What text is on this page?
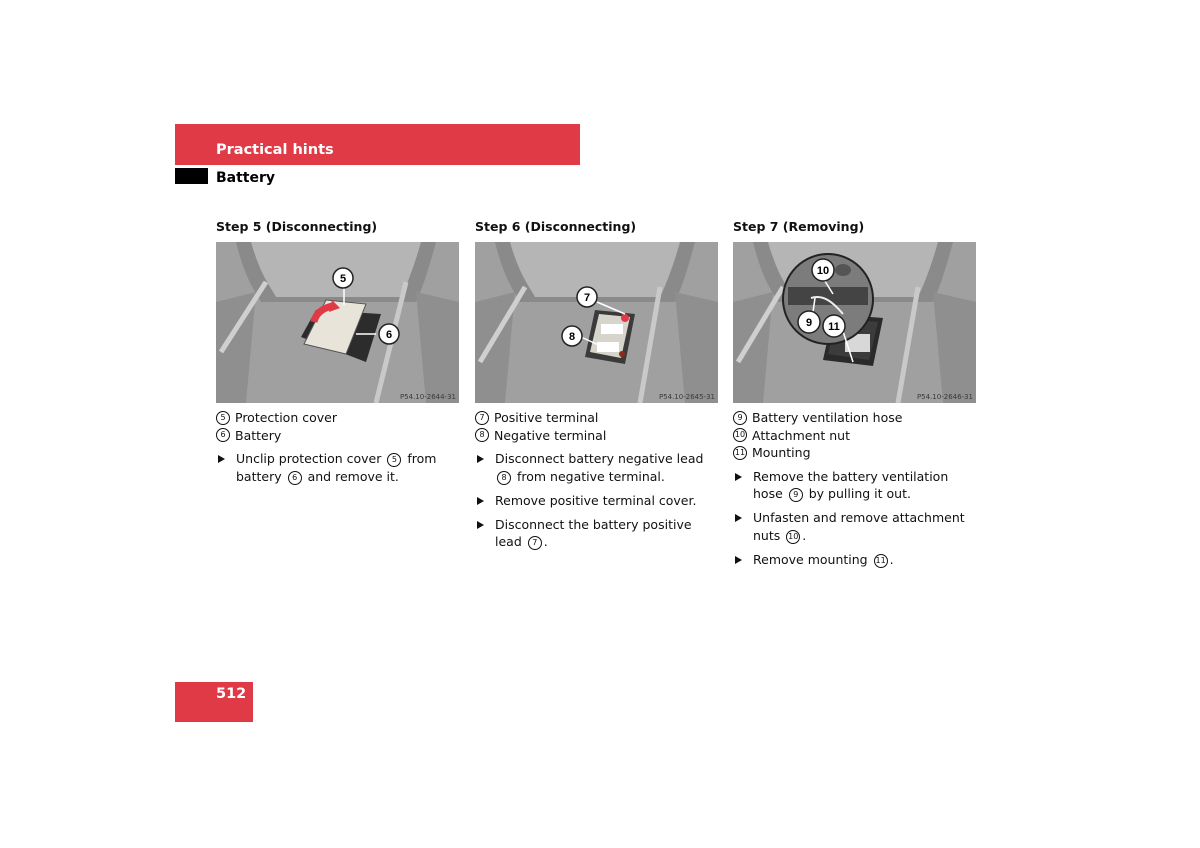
Practical hints
Battery
Step 5 (Disconnecting)
5
6
P54.10-2644-31
5 Protection cover
6 Battery
Unclip protection cover 5 from battery 6 and remove it.
Step 6 (Disconnecting)
7
8
P54.10-2645-31
7 Positive terminal
8 Negative terminal
Disconnect battery negative lead 8 from negative terminal.
Remove positive terminal cover.
Disconnect the battery positive lead 7 .
Step 7 (Removing)
10
9 11
P54.10-2646-31
9 Battery ventilation hose
10 Attachment nut
11 Mounting
Remove the battery ventilation hose 9 by pulling it out.
Unfasten and remove attachment nuts 10 .
Remove mounting 11 .
512
